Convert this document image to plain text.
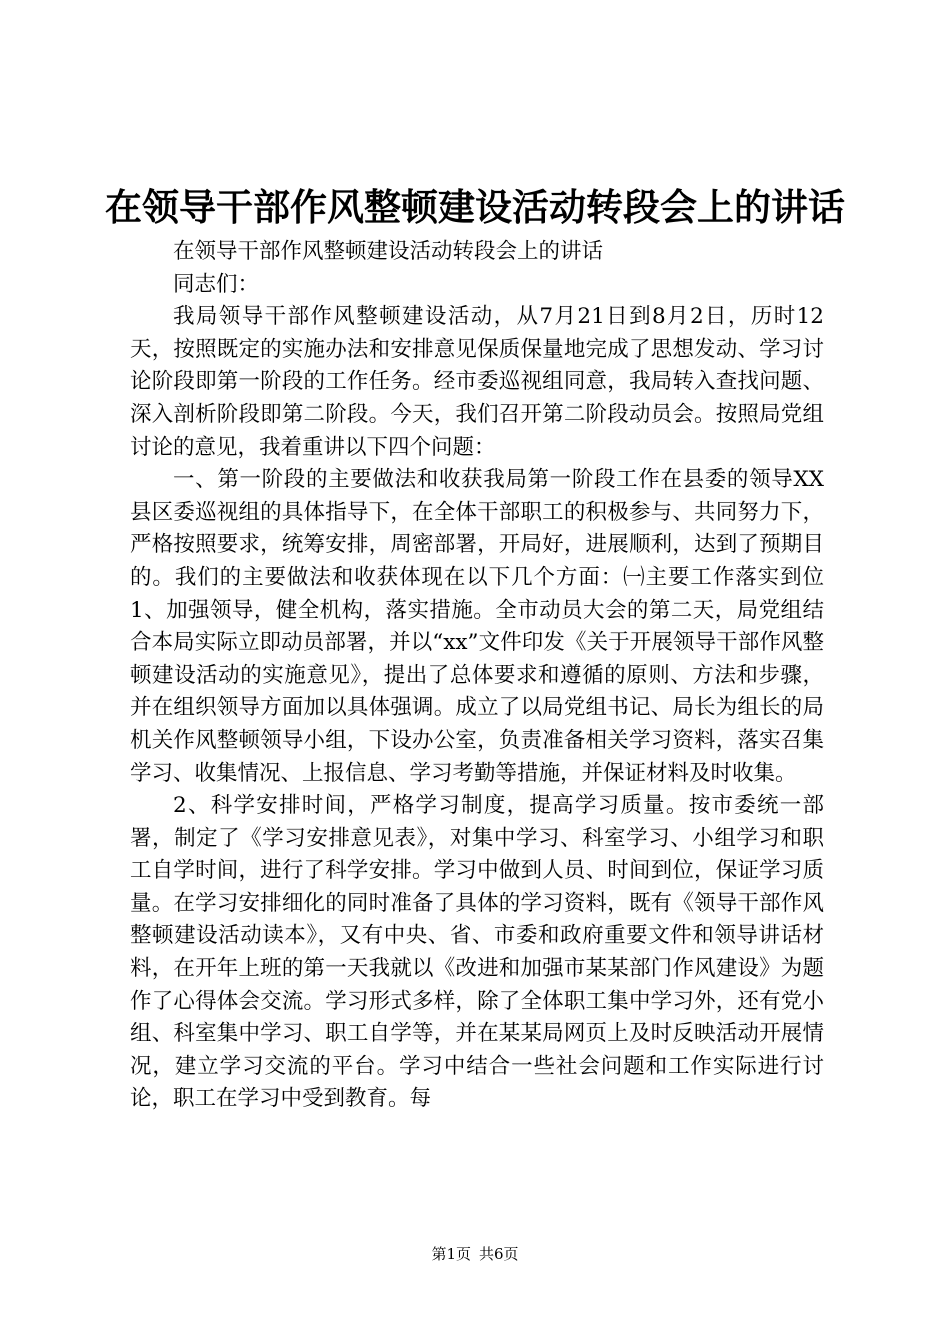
在领导干部作风整顿建设活动转段会上的讲话

在领导干部作风整顿建设活动转段会上的讲话

同志们：

我局领导干部作风整顿建设活动，从7月21日到8月2日，历时12天，按照既定的实施办法和安排意见保质保量地完成了思想发动、学习讨论阶段即第一阶段的工作任务。经市委巡视组同意，我局转入查找问题、深入剖析阶段即第二阶段。今天，我们召开第二阶段动员会。按照局党组讨论的意见，我着重讲以下四个问题：

一、第一阶段的主要做法和收获我局第一阶段工作在县委的领导XX县区委巡视组的具体指导下，在全体干部职工的积极参与、共同努力下，严格按照要求，统筹安排，周密部署，开局好，进展顺利，达到了预期目的。我们的主要做法和收获体现在以下几个方面：㈠主要工作落实到位1、加强领导，健全机构，落实措施。全市动员大会的第二天，局党组结合本局实际立即动员部署，并以“xx”文件印发《关于开展领导干部作风整顿建设活动的实施意见》，提出了总体要求和遵循的原则、方法和步骤，并在组织领导方面加以具体强调。成立了以局党组书记、局长为组长的局机关作风整顿领导小组，下设办公室，负责准备相关学习资料，落实召集学习、收集情况、上报信息、学习考勤等措施，并保证材料及时收集。

2、科学安排时间，严格学习制度，提高学习质量。按市委统一部署，制定了《学习安排意见表》，对集中学习、科室学习、小组学习和职工自学时间，进行了科学安排。学习中做到人员、时间到位，保证学习质量。在学习安排细化的同时准备了具体的学习资料，既有《领导干部作风整顿建设活动读本》，又有中央、省、市委和政府重要文件和领导讲话材料，在开年上班的第一天我就以《改进和加强市某某部门作风建设》为题作了心得体会交流。学习形式多样，除了全体职工集中学习外，还有党小组、科室集中学习、职工自学等，并在某某局网页上及时反映活动开展情况，建立学习交流的平台。学习中结合一些社会问题和工作实际进行讨论，职工在学习中受到教育。每

第1页 共6页
